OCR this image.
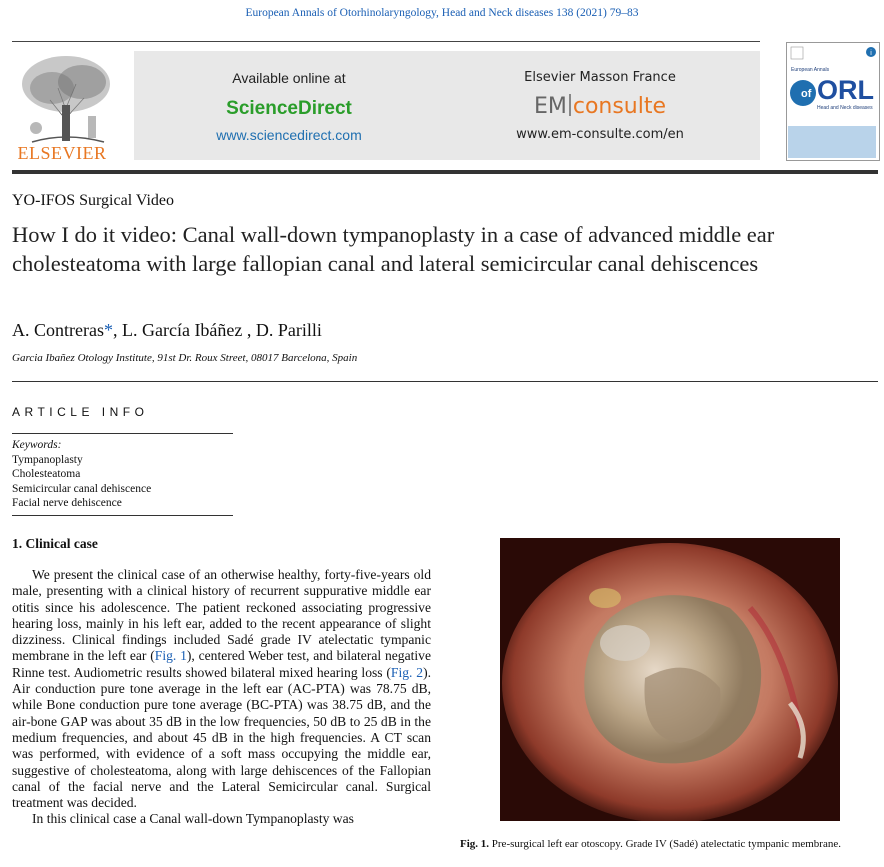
European Annals of Otorhinolaryngology, Head and Neck diseases 138 (2021) 79–83
ELSEVIER
Available online at
ScienceDirect
www.sciencedirect.com
Elsevier Masson France
EM consulte
www.em-consulte.com/en
i
of
European Annals
ORL
Head and Neck diseases
YO-IFOS Surgical Video
How I do it video: Canal wall-down tympanoplasty in a case of advanced middle ear cholesteatoma with large fallopian canal and lateral semicircular canal dehiscences
A. Contreras*, L. García Ibáñez , D. Parilli
Garcia Ibañez Otology Institute, 91st Dr. Roux Street, 08017 Barcelona, Spain
ARTICLE INFO
Keywords:
Tympanoplasty
Cholesteatoma
Semicircular canal dehiscence
Facial nerve dehiscence
1. Clinical case

We present the clinical case of an otherwise healthy, forty-five-years old male, presenting with a clinical history of recurrent suppurative middle ear otitis since his adolescence. The patient reckoned associating progressive hearing loss, mainly in his left ear, added to the recent appearance of slight dizziness. Clinical findings included Sadé grade IV atelectatic tympanic membrane in the left ear (Fig. 1), centered Weber test, and bilateral negative Rinne test. Audiometric results showed bilateral mixed hearing loss (Fig. 2). Air conduction pure tone average in the left ear (AC-PTA) was 78.75 dB, while Bone conduction pure tone average (BC-PTA) was 38.75 dB, and the air-bone GAP was about 35 dB in the low frequencies, 50 dB to 25 dB in the medium frequencies, and about 45 dB in the high frequencies. A CT scan was performed, with evidence of a soft mass occupying the middle ear, suggestive of cholesteatoma, along with large dehiscences of the Fallopian canal of the facial nerve and the Lateral Semicircular canal. Surgical treatment was decided.

In this clinical case a Canal wall-down Tympanoplasty was

Fig. 1. Pre-surgical left ear otoscopy. Grade IV (Sadé) atelectatic tympanic membrane.
